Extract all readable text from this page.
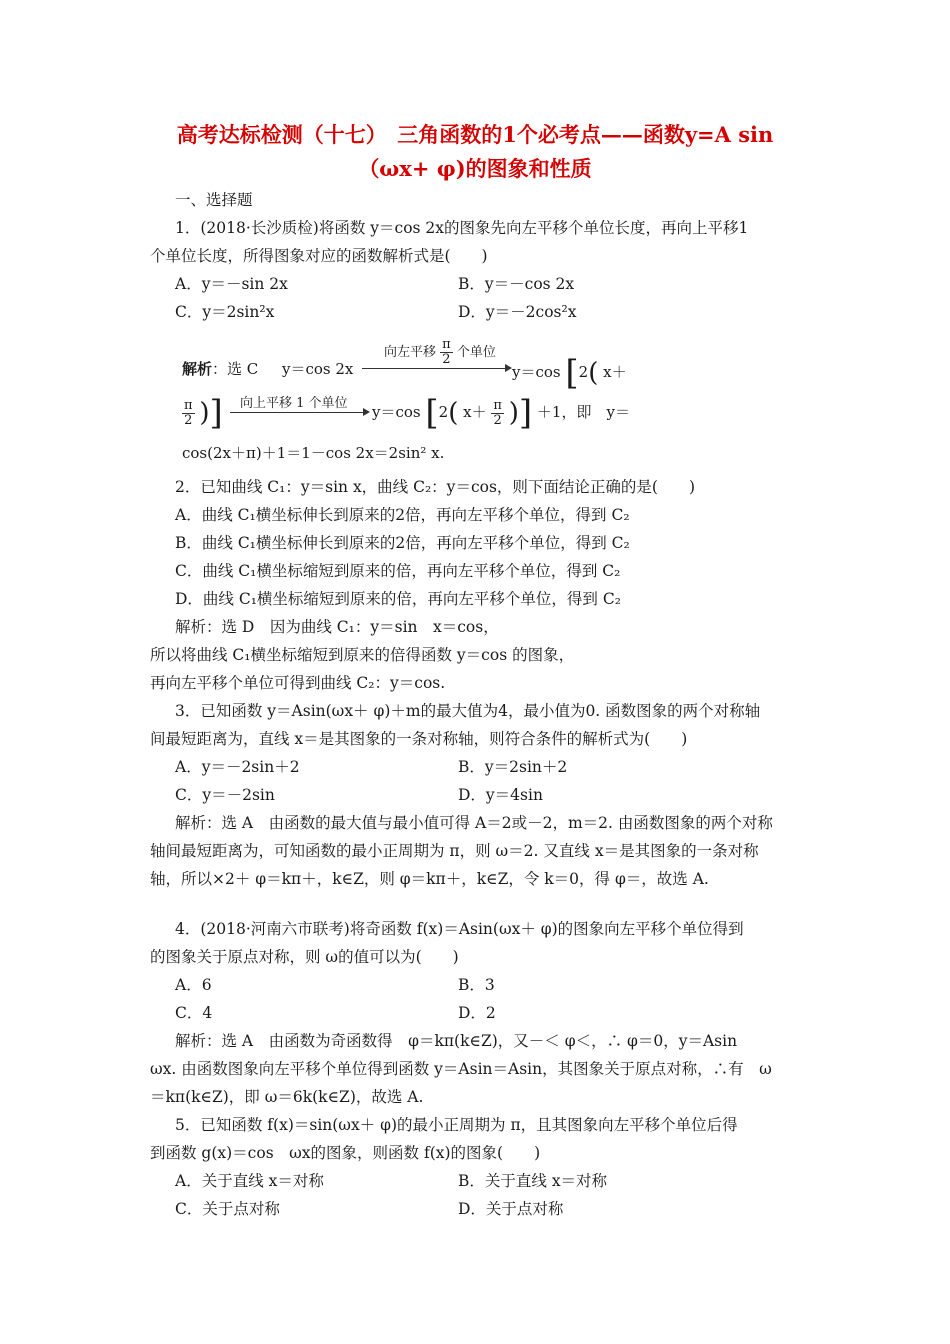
高考达标检测（十七）　三角函数的1个必考点——函数y=A sin
（ωx+ φ)的图象和性质
一、选择题
1．(2018·长沙质检)将函数 y＝cos 2x的图象先向左平移个单位长度，再向上平移1
个单位长度，所得图象对应的函数解析式是(　　)
A．y＝－sin 2x	B．y＝－cos 2x
C．y＝2sin²x	D．y＝－2cos²x
解析：选 C y＝cos 2x
向左平移 $\frac{\pi}{2}$ 个单位
y＝cos [2( x＋
$\frac{\pi}{2}$ )] 向上平移 1 个单位 y＝cos [2( $x+ \frac{\pi}{2}$ )] ＋1，即　y＝
cos(2x＋π)＋1＝1－cos 2x＝2sin² x.
2．已知曲线 C₁：y＝sin x，曲线 C₂：y＝cos，则下面结论正确的是(　　)
A．曲线 C₁横坐标伸长到原来的2倍，再向左平移个单位，得到 C₂
B．曲线 C₁横坐标伸长到原来的2倍，再向左平移个单位，得到 C₂
C．曲线 C₁横坐标缩短到原来的倍，再向左平移个单位，得到 C₂
D．曲线 C₁横坐标缩短到原来的倍，再向左平移个单位，得到 C₂
解析：选 D　因为曲线 C₁：y＝sin　x＝cos，
所以将曲线 C₁横坐标缩短到原来的倍得函数 y＝cos 的图象，
再向左平移个单位可得到曲线 C₂：y＝cos.
3．已知函数 y＝Asin(ωx＋ φ)＋m的最大值为4，最小值为0. 函数图象的两个对称轴
间最短距离为，直线 x＝是其图象的一条对称轴，则符合条件的解析式为(　　)
A．y＝－2sin＋2	B．y＝2sin＋2
C．y＝－2sin	D．y＝4sin
解析：选 A　由函数的最大值与最小值可得 A＝2或－2，m＝2. 由函数图象的两个对称
轴间最短距离为，可知函数的最小正周期为 π，则 ω＝2. 又直线 x＝是其图象的一条对称
轴，所以×2＋ φ＝kπ＋，k∈Z，则 φ＝kπ＋，k∈Z，令 k＝0，得 φ＝，故选 A.
4．(2018·河南六市联考)将奇函数 f(x)＝Asin(ωx＋ φ)的图象向左平移个单位得到
的图象关于原点对称，则 ω的值可以为(　　)
A．6	B．3
C．4	D．2
解析：选 A　由函数为奇函数得　φ＝kπ(k∈Z)，又－＜ φ＜，∴ φ＝0，y＝Asin
ωx. 由函数图象向左平移个单位得到函数 y＝Asin＝Asin，其图象关于原点对称，∴有　ω
＝kπ(k∈Z)，即 ω＝6k(k∈Z)，故选 A.
5．已知函数 f(x)＝sin(ωx＋ φ)的最小正周期为 π，且其图象向左平移个单位后得
到函数 g(x)＝cos　ωx的图象，则函数 f(x)的图象(　　)
A．关于直线 x＝对称	B．关于直线 x＝对称
C．关于点对称	D．关于点对称
